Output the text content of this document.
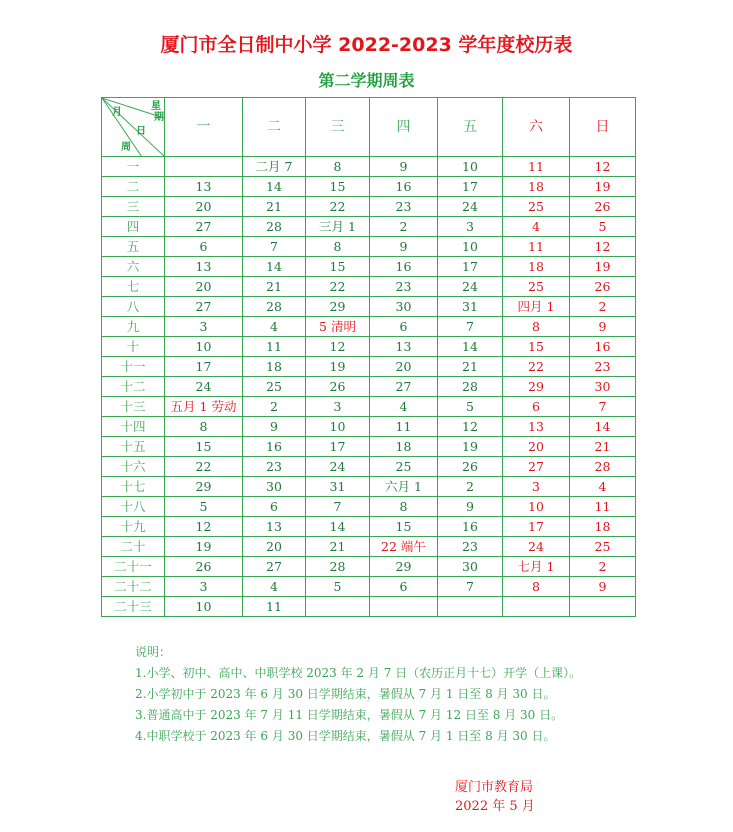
厦门市全日制中小学 2022-2023 学年度校历表
第二学期周表
月
星
期
日
周	一	二	三	四	五	六	日
一		二月 7	8	9	10	11	12
二	13	14	15	16	17	18	19
三	20	21	22	23	24	25	26
四	27	28	三月 1	2	3	4	5
五	6	7	8	9	10	11	12
六	13	14	15	16	17	18	19
七	20	21	22	23	24	25	26
八	27	28	29	30	31	四月 1	2
九	3	4	5 清明	6	7	8	9
十	10	11	12	13	14	15	16
十一	17	18	19	20	21	22	23
十二	24	25	26	27	28	29	30
十三	五月 1 劳动	2	3	4	5	6	7
十四	8	9	10	11	12	13	14
十五	15	16	17	18	19	20	21
十六	22	23	24	25	26	27	28
十七	29	30	31	六月 1	2	3	4
十八	5	6	7	8	9	10	11
十九	12	13	14	15	16	17	18
二十	19	20	21	22 端午	23	24	25
二十一	26	27	28	29	30	七月 1	2
二十二	3	4	5	6	7	8	9
二十三	10	11					
说明：
1.小学、初中、高中、中职学校 2023 年 2 月 7 日（农历正月十七）开学（上课）。
2.小学初中于 2023 年 6 月 30 日学期结束，暑假从 7 月 1 日至 8 月 30 日。
3.普通高中于 2023 年 7 月 11 日学期结束，暑假从 7 月 12 日至 8 月 30 日。
4.中职学校于 2023 年 6 月 30 日学期结束，暑假从 7 月 1 日至 8 月 30 日。
厦门市教育局
2022 年 5 月
